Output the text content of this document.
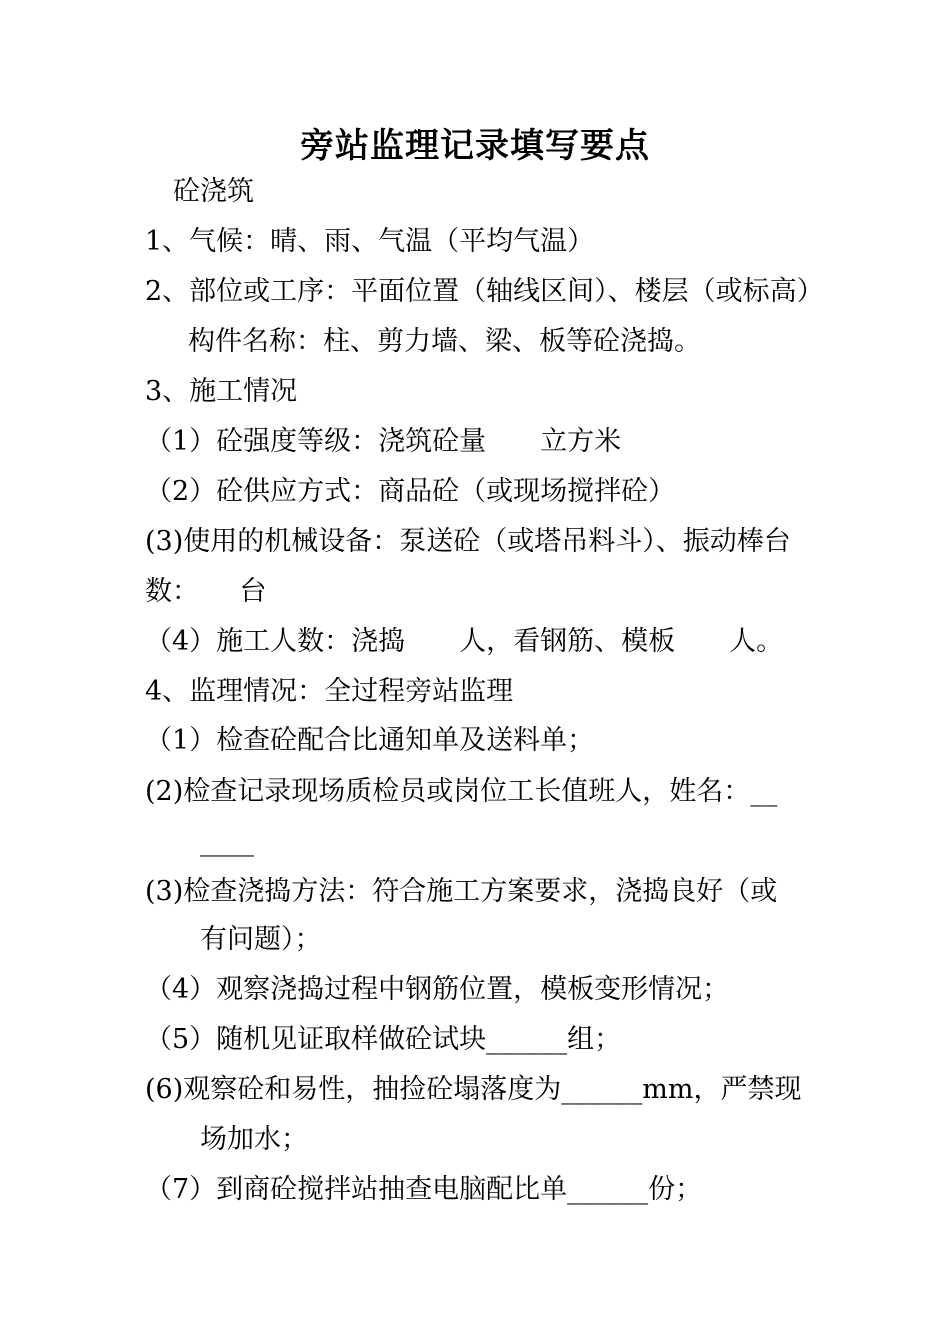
旁站监理记录填写要点
砼浇筑
1、气候：晴、雨、气温（平均气温）
2、部位或工序：平面位置（轴线区间）、楼层（或标高）
构件名称：柱、剪力墙、梁、板等砼浇捣。
3、施工情况
（1）砼强度等级：浇筑砼量　　立方米
（2）砼供应方式：商品砼（或现场搅拌砼）
(3)使用的机械设备：泵送砼（或塔吊料斗）、振动棒台
数：　　台
（4）施工人数：浇捣　　人，看钢筋、模板　　人。
4、监理情况：全过程旁站监理
（1）检查砼配合比通知单及送料单；
(2)检查记录现场质检员或岗位工长值班人，姓名：__
____
(3)检查浇捣方法：符合施工方案要求，浇捣良好（或
有问题）；
（4）观察浇捣过程中钢筋位置，模板变形情况；
（5）随机见证取样做砼试块______组；
(6)观察砼和易性，抽捡砼塌落度为______mm，严禁现
场加水；
（7）到商砼搅拌站抽查电脑配比单______份；
